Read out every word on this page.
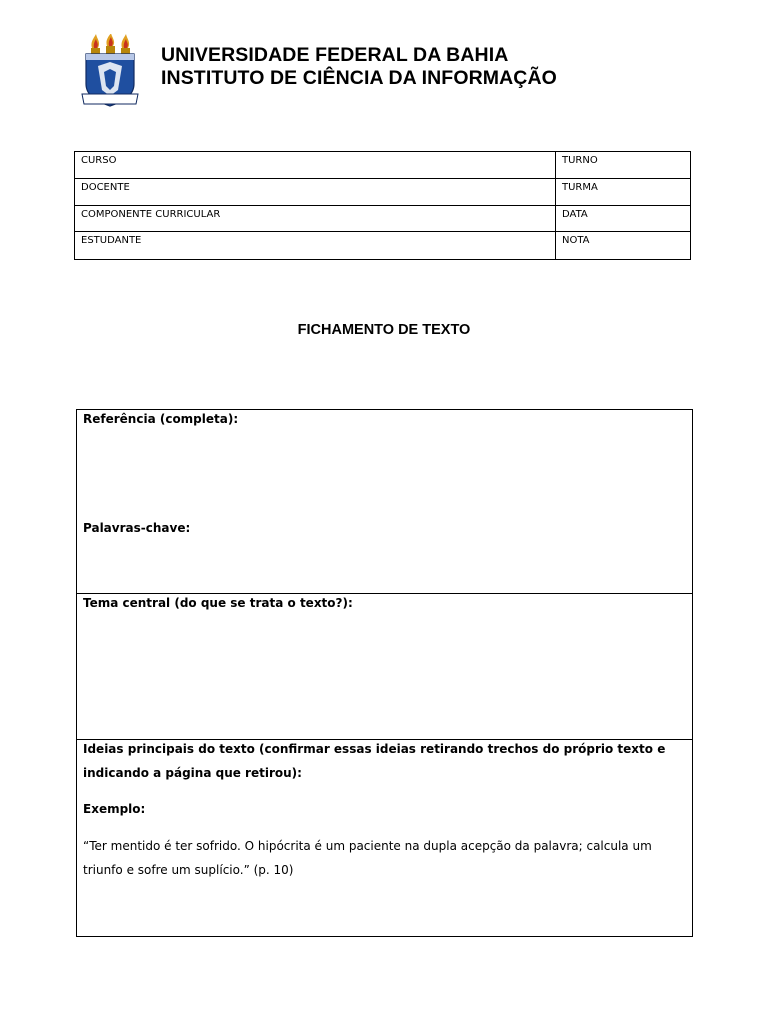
UNIVERSIDADE FEDERAL DA BAHIA
INSTITUTO DE CIÊNCIA DA INFORMAÇÃO
CURSO	TURNO
DOCENTE	TURMA
COMPONENTE CURRICULAR	DATA
ESTUDANTE	NOTA
FICHAMENTO DE TEXTO
Referência (completa):
Palavras-chave:
Tema central (do que se trata o texto?):
Ideias principais do texto (confirmar essas ideias retirando trechos do próprio texto e indicando a página que retirou):
Exemplo:
“Ter mentido é ter sofrido. O hipócrita é um paciente na dupla acepção da palavra; calcula um triunfo e sofre um suplício.” (p. 10)
